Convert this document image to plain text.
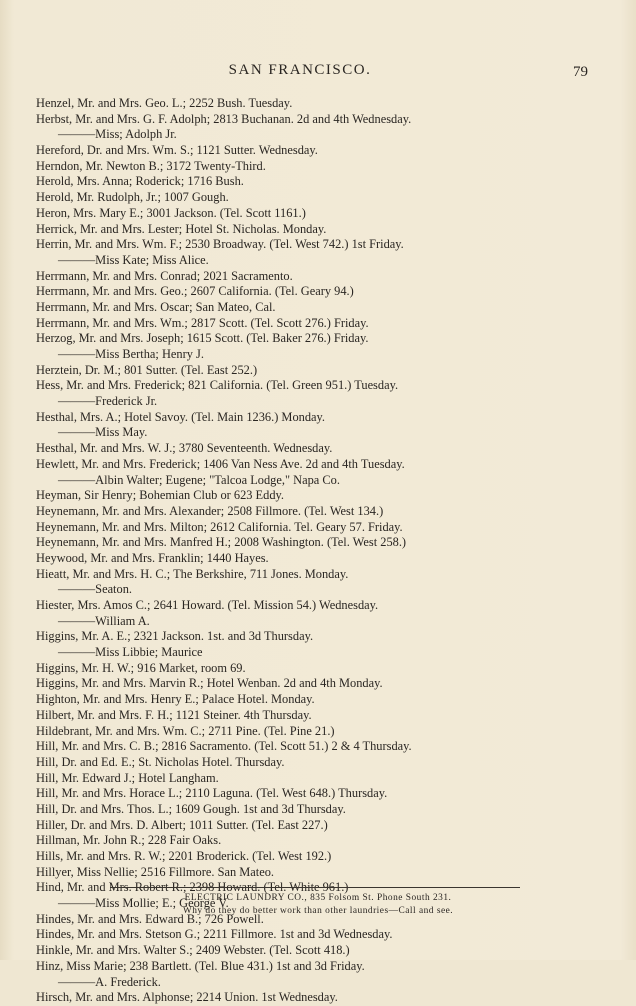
SAN FRANCISCO.	79
Henzel, Mr. and Mrs. Geo. L.; 2252 Bush. Tuesday.
Herbst, Mr. and Mrs. G. F. Adolph; 2813 Buchanan. 2d and 4th Wednesday.
———Miss; Adolph Jr.
Hereford, Dr. and Mrs. Wm. S.; 1121 Sutter. Wednesday.
Herndon, Mr. Newton B.; 3172 Twenty-Third.
Herold, Mrs. Anna; Roderick; 1716 Bush.
Herold, Mr. Rudolph, Jr.; 1007 Gough.
Heron, Mrs. Mary E.; 3001 Jackson. (Tel. Scott 1161.)
Herrick, Mr. and Mrs. Lester; Hotel St. Nicholas. Monday.
Herrin, Mr. and Mrs. Wm. F.; 2530 Broadway. (Tel. West 742.) 1st Friday.
———Miss Kate; Miss Alice.
Herrmann, Mr. and Mrs. Conrad; 2021 Sacramento.
Herrmann, Mr. and Mrs. Geo.; 2607 California. (Tel. Geary 94.)
Herrmann, Mr. and Mrs. Oscar; San Mateo, Cal.
Herrmann, Mr. and Mrs. Wm.; 2817 Scott. (Tel. Scott 276.) Friday.
Herzog, Mr. and Mrs. Joseph; 1615 Scott. (Tel. Baker 276.) Friday.
———Miss Bertha; Henry J.
Herztein, Dr. M.; 801 Sutter. (Tel. East 252.)
Hess, Mr. and Mrs. Frederick; 821 California. (Tel. Green 951.) Tuesday.
———Frederick Jr.
Hesthal, Mrs. A.; Hotel Savoy. (Tel. Main 1236.) Monday.
———Miss May.
Hesthal, Mr. and Mrs. W. J.; 3780 Seventeenth. Wednesday.
Hewlett, Mr. and Mrs. Frederick; 1406 Van Ness Ave. 2d and 4th Tuesday.
———Albin Walter; Eugene; "Talcoa Lodge," Napa Co.
Heyman, Sir Henry; Bohemian Club or 623 Eddy.
Heynemann, Mr. and Mrs. Alexander; 2508 Fillmore. (Tel. West 134.)
Heynemann, Mr. and Mrs. Milton; 2612 California. Tel. Geary 57. Friday.
Heynemann, Mr. and Mrs. Manfred H.; 2008 Washington. (Tel. West 258.)
Heywood, Mr. and Mrs. Franklin; 1440 Hayes.
Hieatt, Mr. and Mrs. H. C.; The Berkshire, 711 Jones. Monday.
———Seaton.
Hiester, Mrs. Amos C.; 2641 Howard. (Tel. Mission 54.) Wednesday.
———William A.
Higgins, Mr. A. E.; 2321 Jackson. 1st. and 3d Thursday.
———Miss Libbie; Maurice
Higgins, Mr. H. W.; 916 Market, room 69.
Higgins, Mr. and Mrs. Marvin R.; Hotel Wenban. 2d and 4th Monday.
Highton, Mr. and Mrs. Henry E.; Palace Hotel. Monday.
Hilbert, Mr. and Mrs. F. H.; 1121 Steiner. 4th Thursday.
Hildebrant, Mr. and Mrs. Wm. C.; 2711 Pine. (Tel. Pine 21.)
Hill, Mr. and Mrs. C. B.; 2816 Sacramento. (Tel. Scott 51.) 2 & 4 Thursday.
Hill, Dr. and Ed. E.; St. Nicholas Hotel. Thursday.
Hill, Mr. Edward J.; Hotel Langham.
Hill, Mr. and Mrs. Horace L.; 2110 Laguna. (Tel. West 648.) Thursday.
Hill, Dr. and Mrs. Thos. L.; 1609 Gough. 1st and 3d Thursday.
Hiller, Dr. and Mrs. D. Albert; 1011 Sutter. (Tel. East 227.)
Hillman, Mr. John R.; 228 Fair Oaks.
Hills, Mr. and Mrs. R. W.; 2201 Broderick. (Tel. West 192.)
Hillyer, Miss Nellie; 2516 Fillmore. San Mateo.
Hind, Mr. and Mrs. Robert R.; 2398 Howard. (Tel. White 961.)
———Miss Mollie; E.; George V.
Hindes, Mr. and Mrs. Edward B.; 726 Powell.
Hindes, Mr. and Mrs. Stetson G.; 2211 Fillmore. 1st and 3d Wednesday.
Hinkle, Mr. and Mrs. Walter S.; 2409 Webster. (Tel. Scott 418.)
Hinz, Miss Marie; 238 Bartlett. (Tel. Blue 431.) 1st and 3d Friday.
———A. Frederick.
Hirsch, Mr. and Mrs. Alphonse; 2214 Union. 1st Wednesday.
ELECTRIC LAUNDRY CO., 835 Folsom St. Phone South 231.
Why do they do better work than other laundries—Call and see.
